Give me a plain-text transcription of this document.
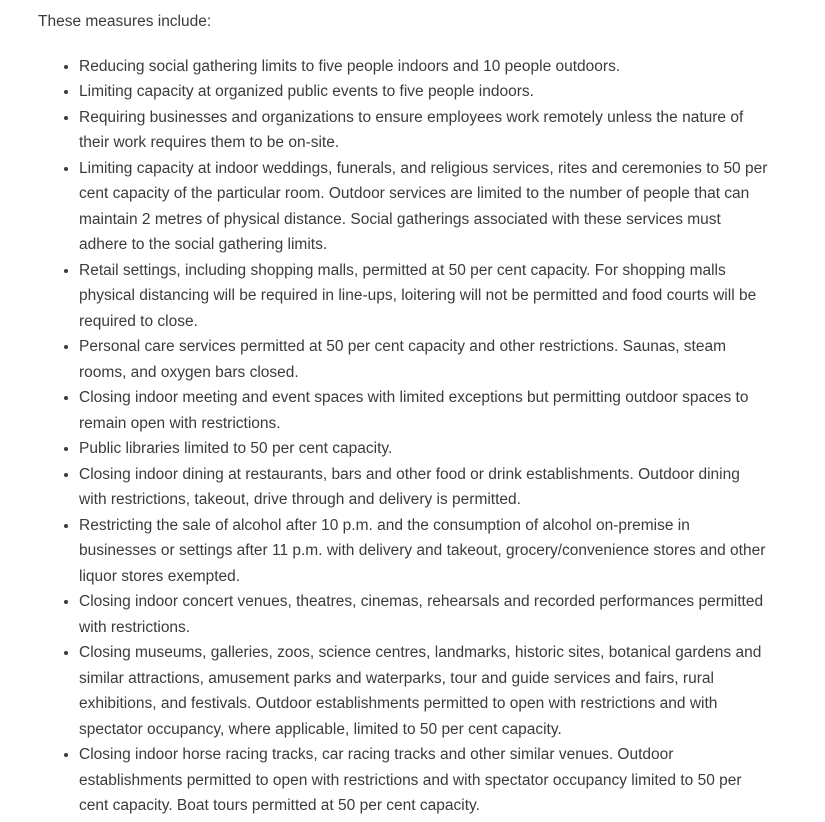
These measures include:

• Reducing social gathering limits to five people indoors and 10 people outdoors.
• Limiting capacity at organized public events to five people indoors.
• Requiring businesses and organizations to ensure employees work remotely unless the nature of their work requires them to be on-site.
• Limiting capacity at indoor weddings, funerals, and religious services, rites and ceremonies to 50 per cent capacity of the particular room. Outdoor services are limited to the number of people that can maintain 2 metres of physical distance. Social gatherings associated with these services must adhere to the social gathering limits.
• Retail settings, including shopping malls, permitted at 50 per cent capacity. For shopping malls physical distancing will be required in line-ups, loitering will not be permitted and food courts will be required to close.
• Personal care services permitted at 50 per cent capacity and other restrictions. Saunas, steam rooms, and oxygen bars closed.
• Closing indoor meeting and event spaces with limited exceptions but permitting outdoor spaces to remain open with restrictions.
• Public libraries limited to 50 per cent capacity.
• Closing indoor dining at restaurants, bars and other food or drink establishments. Outdoor dining with restrictions, takeout, drive through and delivery is permitted.
• Restricting the sale of alcohol after 10 p.m. and the consumption of alcohol on-premise in businesses or settings after 11 p.m. with delivery and takeout, grocery/convenience stores and other liquor stores exempted.
• Closing indoor concert venues, theatres, cinemas, rehearsals and recorded performances permitted with restrictions.
• Closing museums, galleries, zoos, science centres, landmarks, historic sites, botanical gardens and similar attractions, amusement parks and waterparks, tour and guide services and fairs, rural exhibitions, and festivals. Outdoor establishments permitted to open with restrictions and with spectator occupancy, where applicable, limited to 50 per cent capacity.
• Closing indoor horse racing tracks, car racing tracks and other similar venues. Outdoor establishments permitted to open with restrictions and with spectator occupancy limited to 50 per cent capacity. Boat tours permitted at 50 per cent capacity.
